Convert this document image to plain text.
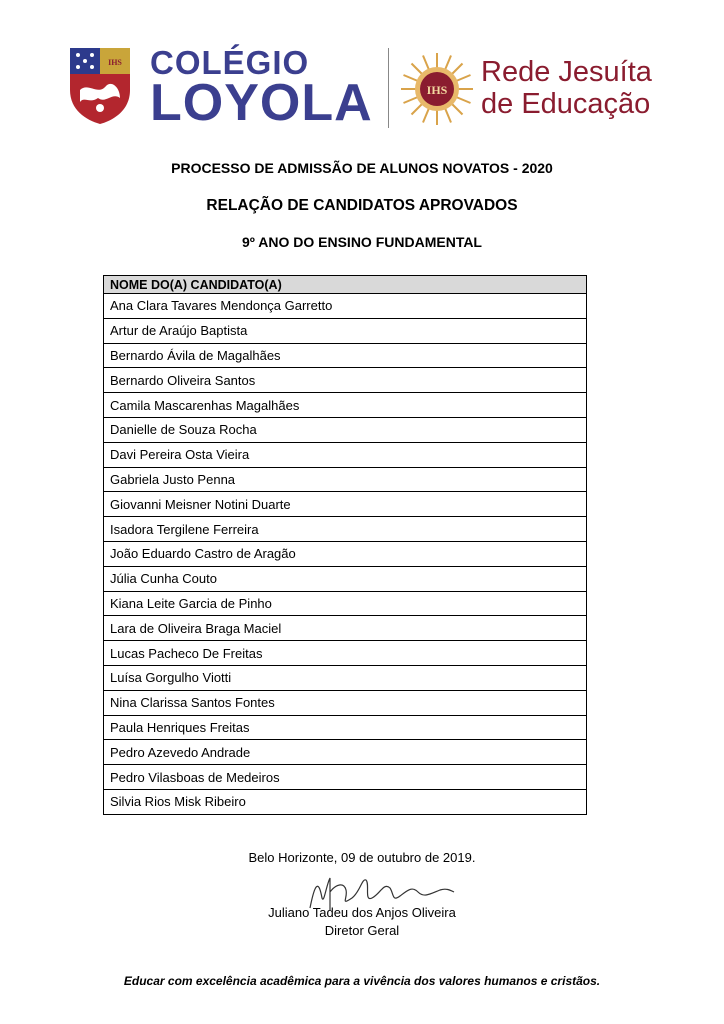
IHS COLÉGIO
LOYOLA	IHS
Rede Jesuíta
de Educação
PROCESSO DE ADMISSÃO DE ALUNOS NOVATOS - 2020
RELAÇÃO DE CANDIDATOS APROVADOS
9º ANO DO ENSINO FUNDAMENTAL
NOME DO(A) CANDIDATO(A)
Ana Clara Tavares Mendonça Garretto
Artur de Araújo Baptista
Bernardo Ávila de Magalhães
Bernardo Oliveira Santos
Camila Mascarenhas Magalhães
Danielle de Souza Rocha
Davi Pereira Osta Vieira
Gabriela Justo Penna
Giovanni Meisner Notini Duarte
Isadora Tergilene Ferreira
João Eduardo Castro de Aragão
Júlia Cunha Couto
Kiana Leite Garcia de Pinho
Lara de Oliveira Braga Maciel
Lucas Pacheco De Freitas
Luísa Gorgulho Viotti
Nina Clarissa Santos Fontes
Paula Henriques Freitas
Pedro Azevedo Andrade
Pedro Vilasboas de Medeiros
Silvia Rios Misk Ribeiro
Belo Horizonte, 09 de outubro de 2019.
Juliano Tadeu dos Anjos Oliveira
Diretor Geral
Educar com excelência acadêmica para a vivência dos valores humanos e cristãos.
